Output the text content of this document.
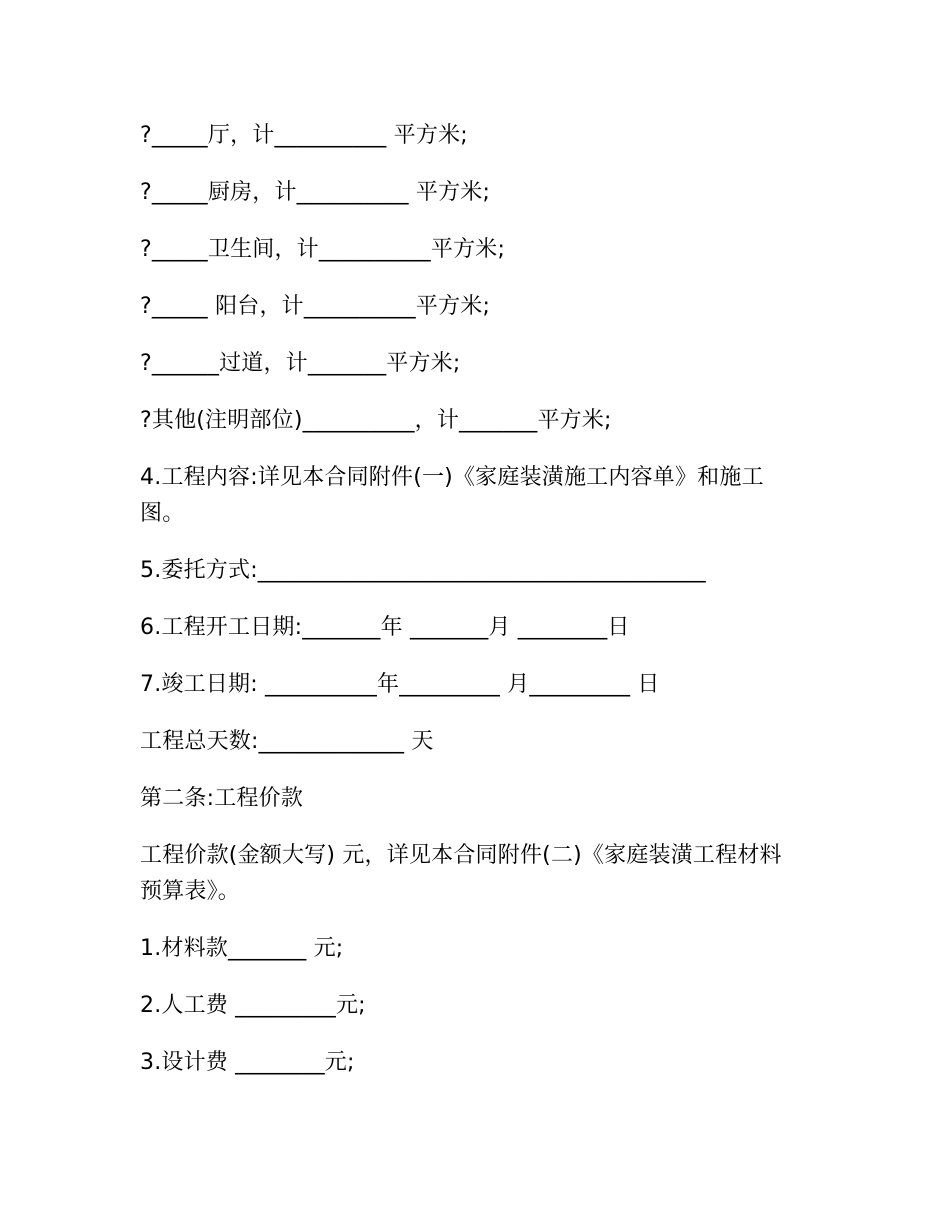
?_____厅，计__________ 平方米;

?_____厨房，计__________ 平方米;

?_____卫生间，计__________平方米;

?_____ 阳台，计__________平方米;

?______过道，计_______平方米;

?其他(注明部位)__________，计_______平方米;

4.工程内容:详见本合同附件(一)《家庭装潢施工内容单》和施工图。

5.委托方式:________________________________________

6.工程开工日期:_______年 _______月 ________日

7.竣工日期: __________年_________ 月_________ 日

工程总天数:_____________ 天

第二条:工程价款

工程价款(金额大写) 元，详见本合同附件(二)《家庭装潢工程材料预算表》。

1.材料款_______ 元;

2.人工费 _________元;

3.设计费 ________元;
